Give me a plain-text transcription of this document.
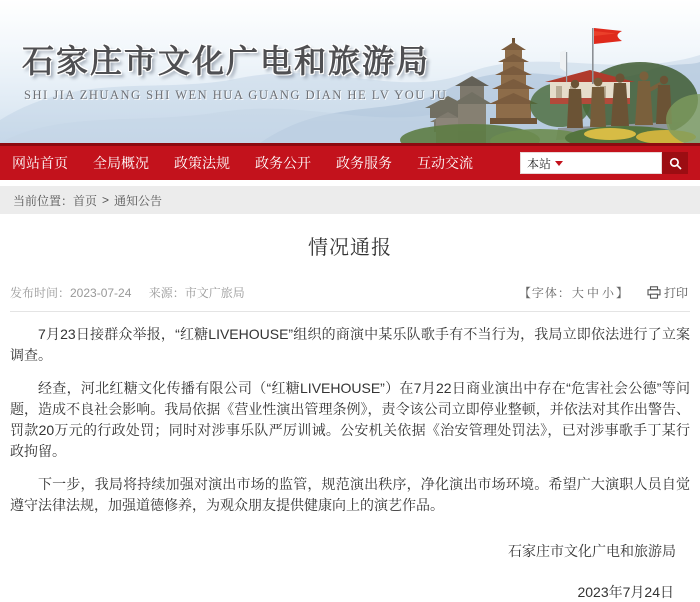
石家庄市文化广电和旅游局
SHI JIA ZHUANG SHI WEN HUA GUANG DIAN HE LV YOU JU
网站首页 全局概况 政策法规 政务公开 政务服务 互动交流	本站
当前位置： 首页 > 通知公告
情况通报
发布时间：2023-07-24 来源：市文广旅局	【字体：大 中 小】	打印

7月23日接群众举报，“红糖LIVEHOUSE”组织的商演中某乐队歌手有不当行为，我局立即依法进行了立案调查。

经查，河北红糖文化传播有限公司（“红糖LIVEHOUSE”）在7月22日商业演出中存在“危害社会公德”等问题，造成不良社会影响。我局依据《营业性演出管理条例》，责令该公司立即停业整顿，并依法对其作出警告、罚款20万元的行政处罚；同时对涉事乐队严厉训诫。公安机关依据《治安管理处罚法》，已对涉事歌手丁某行政拘留。

下一步，我局将持续加强对演出市场的监管，规范演出秩序，净化演出市场环境。希望广大演职人员自觉遵守法律法规，加强道德修养，为观众朋友提供健康向上的演艺作品。

石家庄市文化广电和旅游局
2023年7月24日
